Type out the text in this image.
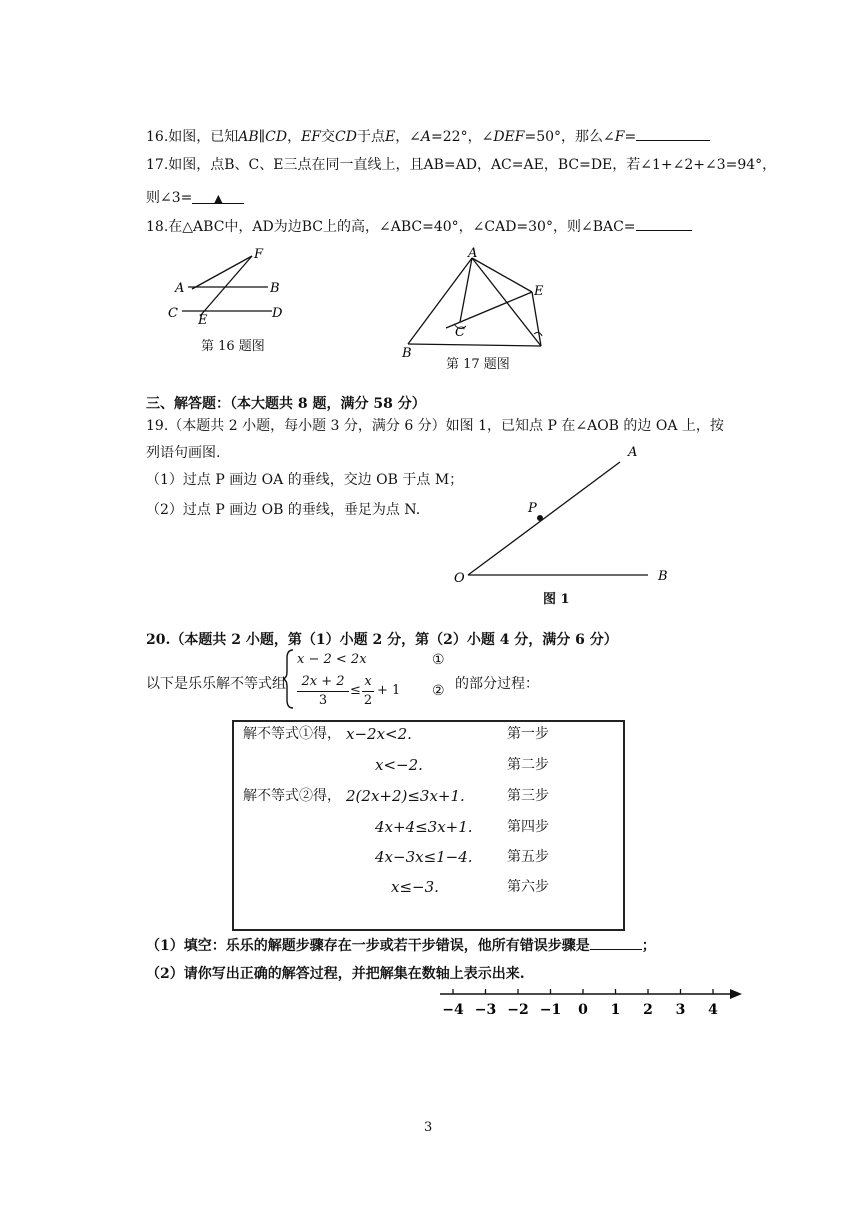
16.如图，已知AB∥CD，EF交CD于点E，∠A=22°，∠DEF=50°，那么∠F=
17.如图，点B、C、E三点在同一直线上，且AB=AD，AC=AE，BC=DE，若∠1+∠2+∠3=94°，
则∠3= ▲
18.在△ABC中，AD为边BC上的高，∠ABC=40°，∠CAD=30°，则∠BAC=
F
A	B
C E	D
第 16 题图
A
E
C
B
第 17 题图
三、解答题：（本大题共 8 题，满分 58 分）
19.（本题共 2 小题，每小题 3 分，满分 6 分）如图 1，已知点 P 在∠AOB 的边 OA 上，按
列语句画图.
（1）过点 P 画边 OA 的垂线，交边 OB 于点 M；
（2）过点 P 画边 OB 的垂线，垂足为点 N.
A
P
O	B
图 1
20.（本题共 2 小题，第（1）小题 2 分，第（2）小题 4 分，满分 6 分）
以下是乐乐解不等式组
x − 2 < 2x	①
2x + 2
3
≤
x
2
+ 1 ② 的部分过程：
解不等式①得， x−2x<2.	第一步
x<−2.	第二步
解不等式②得， 2(2x+2)≤3x+1.	第三步
4x+4≤3x+1. 第四步
4x−3x≤1−4. 第五步
x≤−3.	第六步
（1）填空：乐乐的解题步骤存在一步或若干步错误，他所有错误步骤是	；
（2）请你写出正确的解答过程，并把解集在数轴上表示出来.
−4 −3 −2 −1 0 1 2 3 4
3
